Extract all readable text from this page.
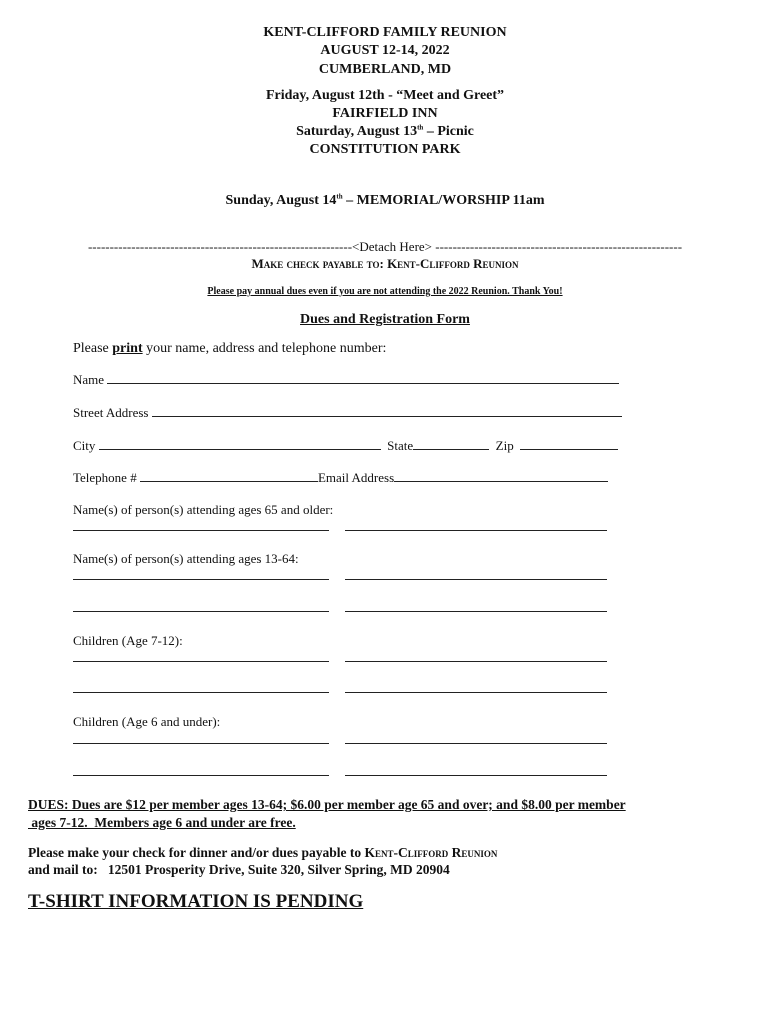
KENT-CLIFFORD FAMILY REUNION
AUGUST 12-14, 2022
CUMBERLAND, MD
Friday, August 12th - “Meet and Greet”
FAIRFIELD INN
Saturday, August 13th – Picnic
CONSTITUTION PARK
Sunday, August 14th – MEMORIAL/WORSHIP 11am
-------------------------------------------------------------<Detach Here> ---------------------------------------------------------
Make check payable to: Kent-Clifford Reunion
Please pay annual dues even if you are not attending the 2022 Reunion. Thank You!
Dues and Registration Form
Please print your name, address and telephone number:
Name
Street Address
City	State	Zip
Telephone #	Email Address
Name(s) of person(s) attending ages 65 and older:
Name(s) of person(s) attending ages 13-64:
Children (Age 7-12):
Children (Age 6 and under):
DUES: Dues are $12 per member ages 13-64; $6.00 per member age 65 and over; and $8.00 per member
ages 7-12.  Members age 6 and under are free.
Please make your check for dinner and/or dues payable to Kent-Clifford Reunion
and mail to:   12501 Prosperity Drive, Suite 320, Silver Spring, MD 20904
T-SHIRT INFORMATION IS PENDING
